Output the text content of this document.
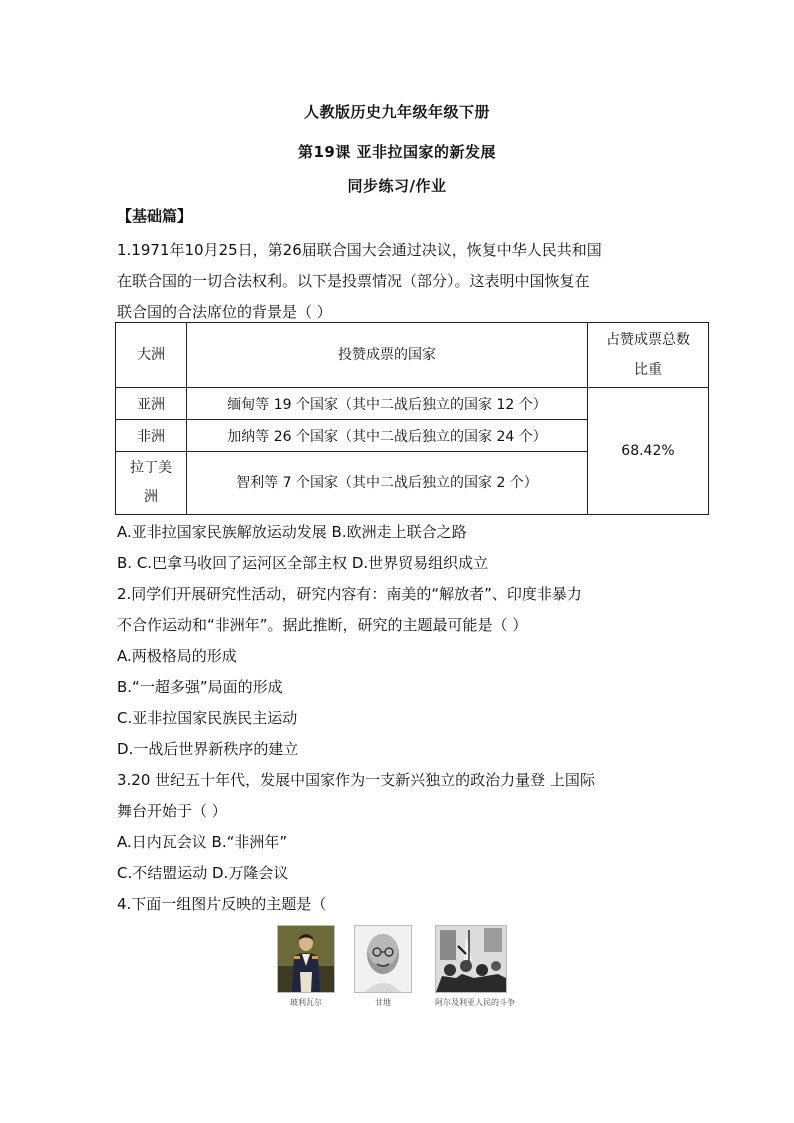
人教版历史九年级年级下册
第19课 亚非拉国家的新发展
同步练习/作业
【基础篇】
1.1971年10月25日，第26届联合国大会通过决议，恢复中华人民共和国
在联合国的一切合法权利。以下是投票情况（部分）。这表明中国恢复在
联合国的合法席位的背景是（ ）
大洲	投赞成票的国家	占赞成票总数
比重

亚洲	缅甸等 19 个国家（其中二战后独立的国家 12 个）	68.42%
非洲	加纳等 26 个国家（其中二战后独立的国家 24 个）	

拉丁美
洲	智利等 7 个国家（其中二战后独立的国家 2 个）	
A.亚非拉国家民族解放运动发展 B.欧洲走上联合之路
B. C.巴拿马收回了运河区全部主权 D.世界贸易组织成立
2.同学们开展研究性活动，研究内容有：南美的“解放者”、印度非暴力
不合作运动和“非洲年”。据此推断，研究的主题最可能是（ ）
A.两极格局的形成
B.“一超多强”局面的形成
C.亚非拉国家民族民主运动
D.一战后世界新秩序的建立
3.20 世纪五十年代，发展中国家作为一支新兴独立的政治力量登 上国际
舞台开始于（ ）
A.日内瓦会议 B.“非洲年”
C.不结盟运动 D.万隆会议
4.下面一组图片反映的主题是（
玻利瓦尔	甘地	阿尔及利亚人民的斗争
